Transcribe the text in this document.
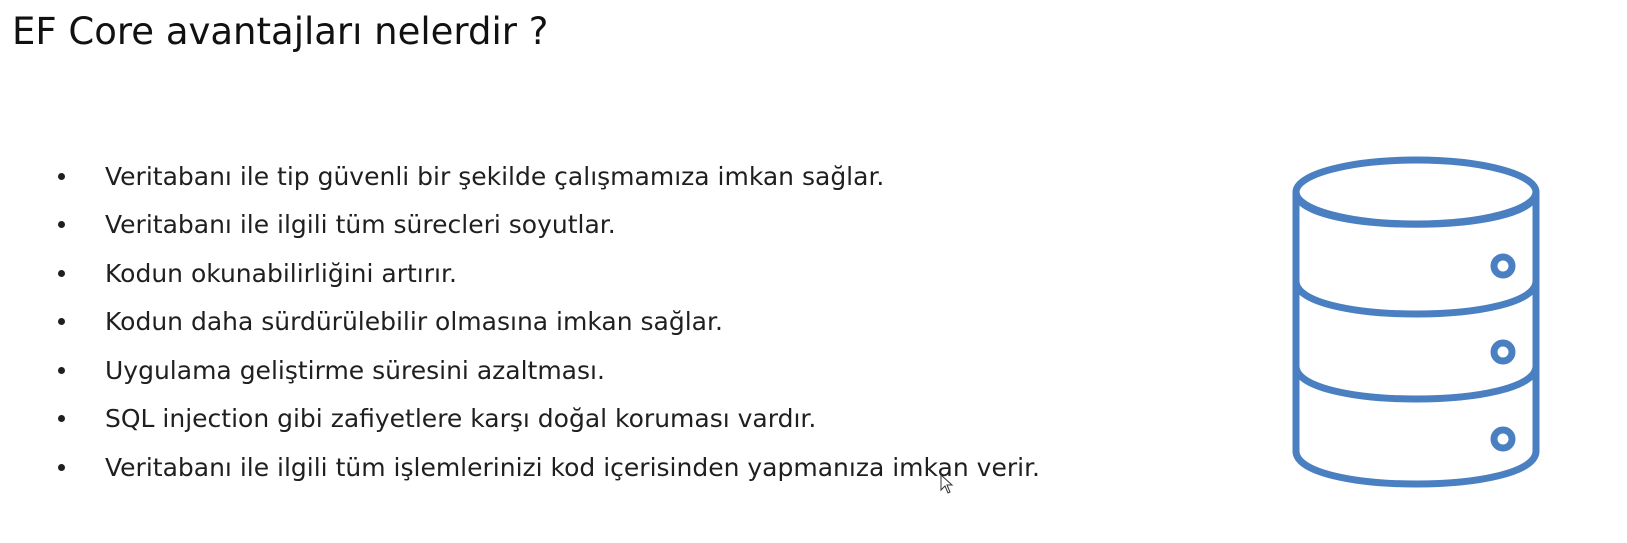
EF Core avantajları nelerdir ?
Veritabanı ile tip güvenli bir şekilde çalışmamıza imkan sağlar.
Veritabanı ile ilgili tüm sürecleri soyutlar.
Kodun okunabilirliğini artırır.
Kodun daha sürdürülebilir olmasına imkan sağlar.
Uygulama geliştirme süresini azaltması.
SQL injection gibi zafiyetlere karşı doğal koruması vardır.
Veritabanı ile ilgili tüm işlemlerinizi kod içerisinden yapmanıza imkan verir.
